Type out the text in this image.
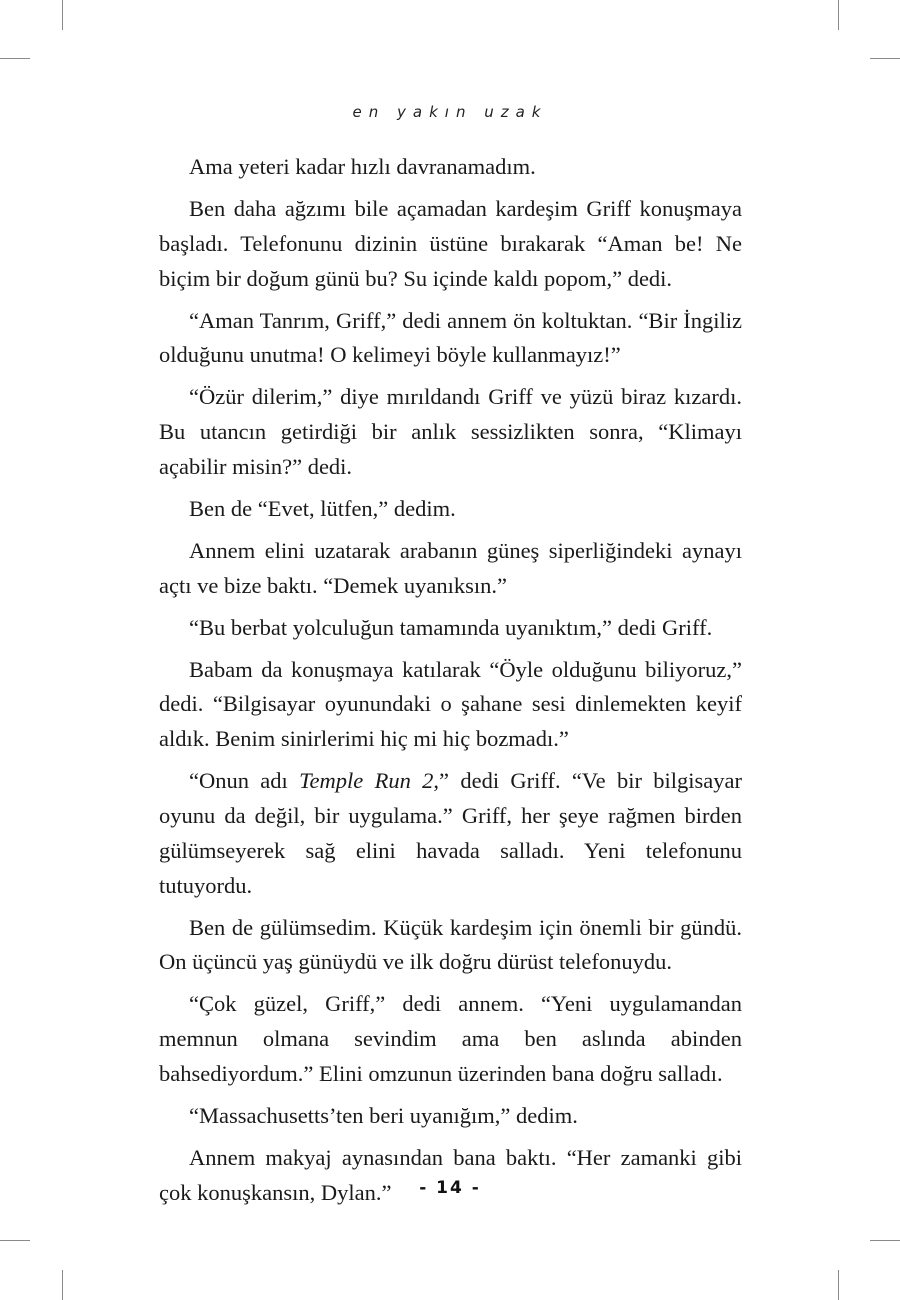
en yakın uzak

Ama yeteri kadar hızlı davranamadım.

Ben daha ağzımı bile açamadan kardeşim Griff konuşmaya başladı. Telefonunu dizinin üstüne bırakarak “Aman be! Ne biçim bir doğum günü bu? Su içinde kaldı popom,” dedi.

“Aman Tanrım, Griff,” dedi annem ön koltuktan. “Bir İngiliz olduğunu unutma! O kelimeyi böyle kullanmayız!”

“Özür dilerim,” diye mırıldandı Griff ve yüzü biraz kızardı. Bu utancın getirdiği bir anlık sessizlikten sonra, “Klimayı açabilir misin?” dedi.

Ben de “Evet, lütfen,” dedim.

Annem elini uzatarak arabanın güneş siperliğindeki aynayı açtı ve bize baktı. “Demek uyanıksın.”

“Bu berbat yolculuğun tamamında uyanıktım,” dedi Griff.

Babam da konuşmaya katılarak “Öyle olduğunu biliyoruz,” dedi. “Bilgisayar oyunundaki o şahane sesi dinlemekten keyif aldık. Benim sinirlerimi hiç mi hiç bozmadı.”

“Onun adı Temple Run 2,” dedi Griff. “Ve bir bilgisayar oyunu da değil, bir uygulama.” Griff, her şeye rağmen birden gülümseyerek sağ elini havada salladı. Yeni telefonunu tutuyordu.

Ben de gülümsedim. Küçük kardeşim için önemli bir gündü. On üçüncü yaş günüydü ve ilk doğru dürüst telefonuydu.

“Çok güzel, Griff,” dedi annem. “Yeni uygulamandan memnun olmana sevindim ama ben aslında abinden bahsediyordum.” Elini omzunun üzerinden bana doğru salladı.

“Massachusetts’ten beri uyanığım,” dedim.

Annem makyaj aynasından bana baktı. “Her zamanki gibi çok konuşkansın, Dylan.”	- 14 -
